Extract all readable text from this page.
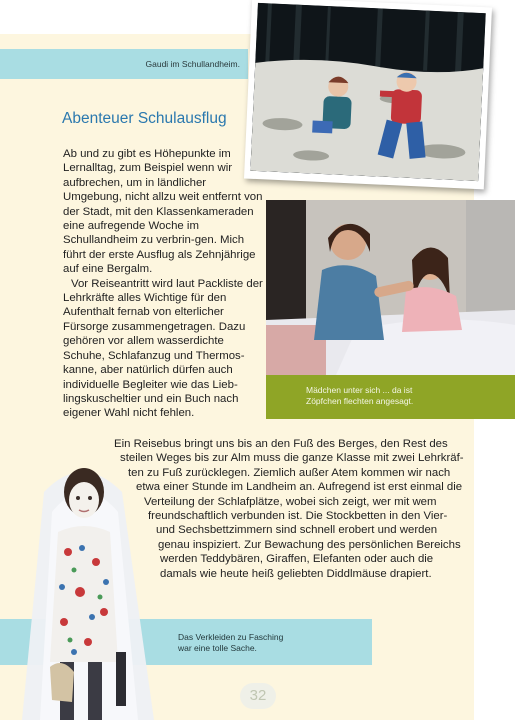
Gaudi im Schullandheim.
Abenteuer Schulausflug

Ab und zu gibt es Höhepunkte im Lernalltag, zum Beispiel wenn wir aufbrechen, um in ländlicher Umgebung, nicht allzu weit entfernt von der Stadt, mit den Klassenkameraden eine aufregende Woche im Schullandheim zu verbrin-gen. Mich führt der erste Ausflug als Zehnjährige auf eine Bergalm.

Vor Reiseantritt wird laut Packliste der Lehrkräfte alles Wichtige für den Aufenthalt fernab von elterlicher Fürsorge zusammengetragen. Dazu gehören vor allem wasserdichte Schuhe, Schlafanzug und Thermos-kanne, aber natürlich dürfen auch individuelle Begleiter wie das Lieb-lingskuscheltier und ein Buch nach eigener Wahl nicht fehlen.

Mädchen unter sich ... da ist
Zöpfchen flechten angesagt.
Ein Reisebus bringt uns bis an den Fuß des Berges, den Rest des
steilen Weges bis zur Alm muss die ganze Klasse mit zwei Lehrkräf-
ten zu Fuß zurücklegen. Ziemlich außer Atem kommen wir nach
etwa einer Stunde im Landheim an. Aufregend ist erst einmal die
Verteilung der Schlafplätze, wobei sich zeigt, wer mit wem
freundschaftlich verbunden ist. Die Stockbetten in den Vier-
und Sechsbettzimmern sind schnell erobert und werden
genau inspiziert. Zur Bewachung des persönlichen Bereichs
werden Teddybären, Giraffen, Elefanten oder auch die
damals wie heute heiß geliebten Diddlmäuse drapiert.
Das Verkleiden zu Fasching
war eine tolle Sache.
32
